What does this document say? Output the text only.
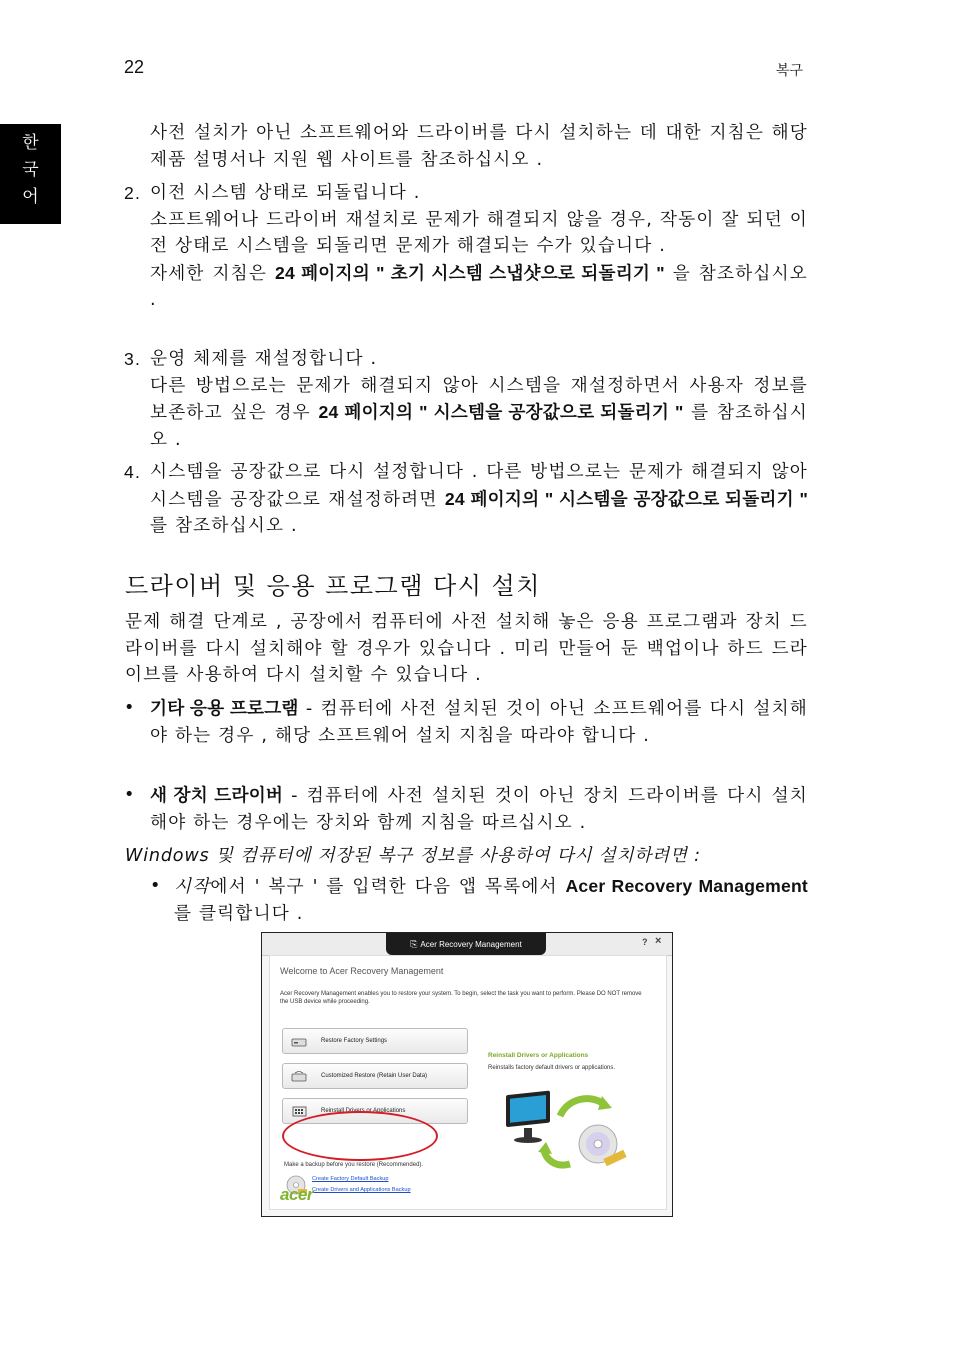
22	복구
한
국
어
사전 설치가 아닌 소프트웨어와 드라이버를 다시 설치하는 데 대한 지침은 해당 제품 설명서나 지원 웹 사이트를 참조하십시오 .
2. 이전 시스템 상태로 되돌립니다 .
소프트웨어나 드라이버 재설치로 문제가 해결되지 않을 경우, 작동이 잘 되던 이전 상태로 시스템을 되돌리면 문제가 해결되는 수가 있습니다 .
자세한 지침은 24 페이지의 " 초기 시스템 스냅샷으로 되돌리기 " 을 참조하십시오 .
3. 운영 체제를 재설정합니다 .
다른 방법으로는 문제가 해결되지 않아 시스템을 재설정하면서 사용자 정보를 보존하고 싶은 경우 24 페이지의 " 시스템을 공장값으로 되돌리기 " 를 참조하십시오 .
4. 시스템을 공장값으로 다시 설정합니다 . 다른 방법으로는 문제가 해결되지 않아 시스템을 공장값으로 재설정하려면 24 페이지의 " 시스템을 공장값으로 되돌리기 " 를 참조하십시오 .
드라이버 및 응용 프로그램 다시 설치
문제 해결 단계로 , 공장에서 컴퓨터에 사전 설치해 놓은 응용 프로그램과 장치 드라이버를 다시 설치해야 할 경우가 있습니다 . 미리 만들어 둔 백업이나 하드 드라이브를 사용하여 다시 설치할 수 있습니다 .
• 기타 응용 프로그램 - 컴퓨터에 사전 설치된 것이 아닌 소프트웨어를 다시 설치해야 하는 경우 , 해당 소프트웨어 설치 지침을 따라야 합니다 .
• 새 장치 드라이버 - 컴퓨터에 사전 설치된 것이 아닌 장치 드라이버를 다시 설치해야 하는 경우에는 장치와 함께 지침을 따르십시오 .
Windows 및 컴퓨터에 저장된 복구 정보를 사용하여 다시 설치하려면 :
• 시작에서 ' 복구 ' 를 입력한 다음 앱 목록에서 Acer Recovery Management 를 클릭합니다 .
⎘ Acer Recovery Management	? ×
Welcome to Acer Recovery Management
Acer Recovery Management enables you to restore your system. To begin, select the task you want to perform. Please DO NOT remove the USB device while proceeding.
Restore Factory Settings
Customized Restore (Retain User Data)
Reinstall Drivers or Applications
Reinstall Drivers or Applications
Reinstalls factory default drivers or applications.
Make a backup before you restore (Recommended).
Create Factory Default Backup
Create Drivers and Applications Backup
acer
